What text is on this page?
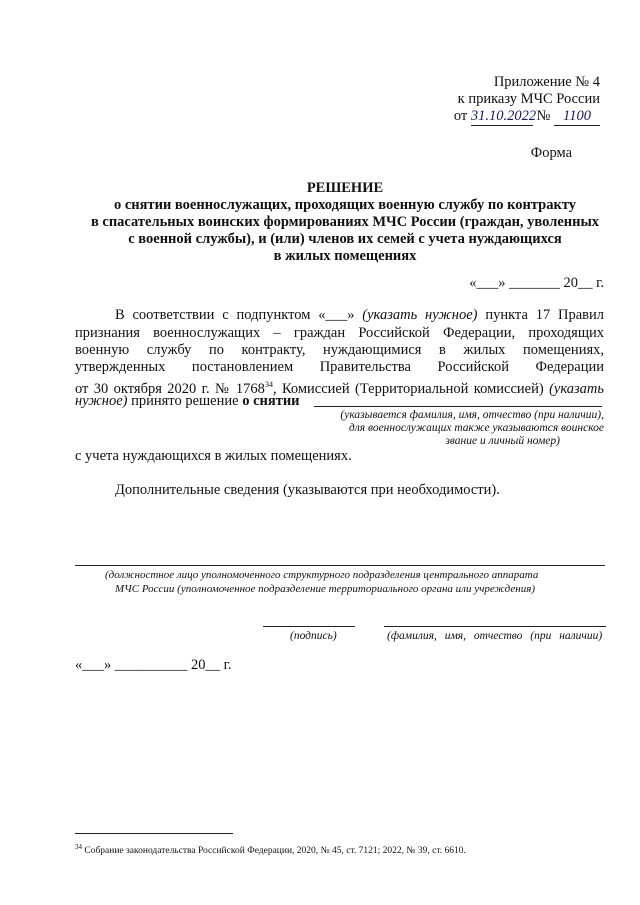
Приложение № 4
к приказу МЧС России
от 31.10.2022 № 1100
Форма
РЕШЕНИЕ
о снятии военнослужащих, проходящих военную службу по контракту
в спасательных воинских формированиях МЧС России (граждан, уволенных
с военной службы), и (или) членов их семей с учета нуждающихся
в жилых помещениях
«___» _______ 20__ г.
В соответствии с подпунктом «___» (указать нужное) пункта 17 Правил
признания военнослужащих – граждан Российской Федерации, проходящих
военную службу по контракту, нуждающимися в жилых помещениях,
утвержденных постановлением Правительства Российской Федерации
от 30 октября 2020 г. № 1768$^{34}$, Комиссией (Территориальной комиссией) (указать
нужное) принято решение о снятии
(указывается фамилия, имя, отчество (при наличии),
для военнослужащих также указываются воинское
звание и личный номер)
с учета нуждающихся в жилых помещениях.
Дополнительные сведения (указываются при необходимости).
(должностное лицо уполномоченного структурного подразделения центрального аппарата
МЧС России (уполномоченное подразделение территориального органа или учреждения)
(подпись)	(фамилия, имя, отчество (при наличии)
«___» __________ 20__ г.
$^{34}$ Собрание законодательства Российской Федерации, 2020, № 45, ст. 7121; 2022, № 39, ст. 6610.
